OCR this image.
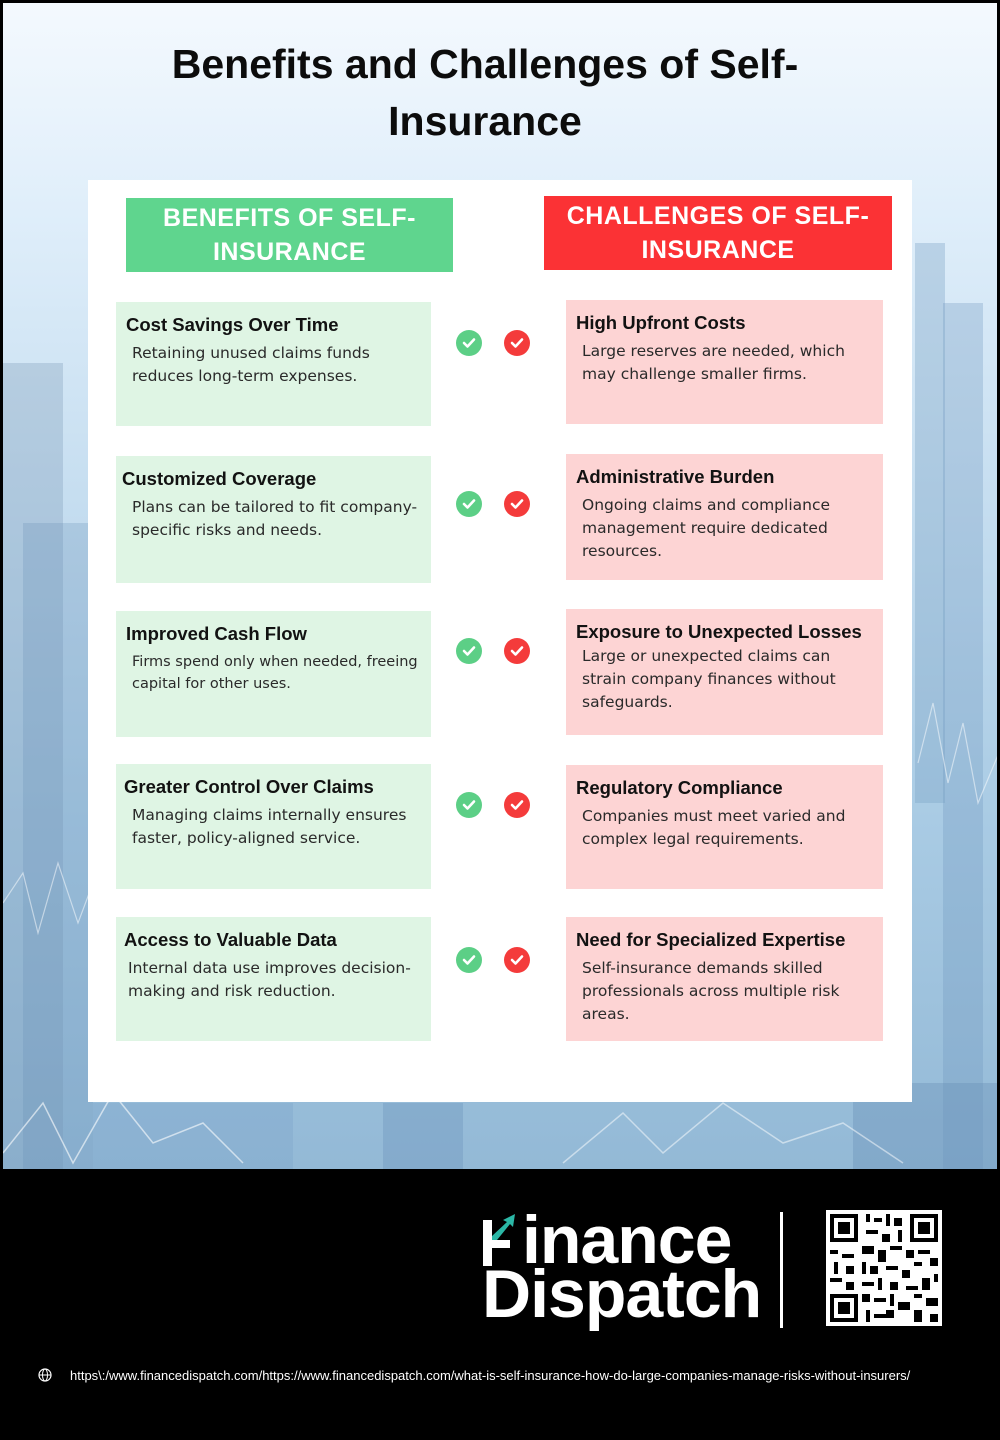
Benefits and Challenges of Self-Insurance
BENEFITS OF SELF-INSURANCE
CHALLENGES OF SELF-INSURANCE
Cost Savings Over Time

Retaining unused claims funds reduces long-term expenses.

Customized Coverage

Plans can be tailored to fit company-specific risks and needs.

Improved Cash Flow

Firms spend only when needed, freeing capital for other uses.

Greater Control Over Claims

Managing claims internally ensures faster, policy-aligned service.

Access to Valuable Data

Internal data use improves decision-making and risk reduction.

High Upfront Costs

Large reserves are needed, which may challenge smaller firms.

Administrative Burden

Ongoing claims and compliance management require dedicated resources.

Exposure to Unexpected Losses

Large or unexpected claims can strain company finances without safeguards.

Regulatory Compliance

Companies must meet varied and complex legal requirements.

Need for Specialized Expertise

Self-insurance demands skilled professionals across multiple risk areas.

inance
Dispatch
https\:/www.financedispatch.com/https://www.financedispatch.com/what-is-self-insurance-how-do-large-companies-manage-risks-without-insurers/
